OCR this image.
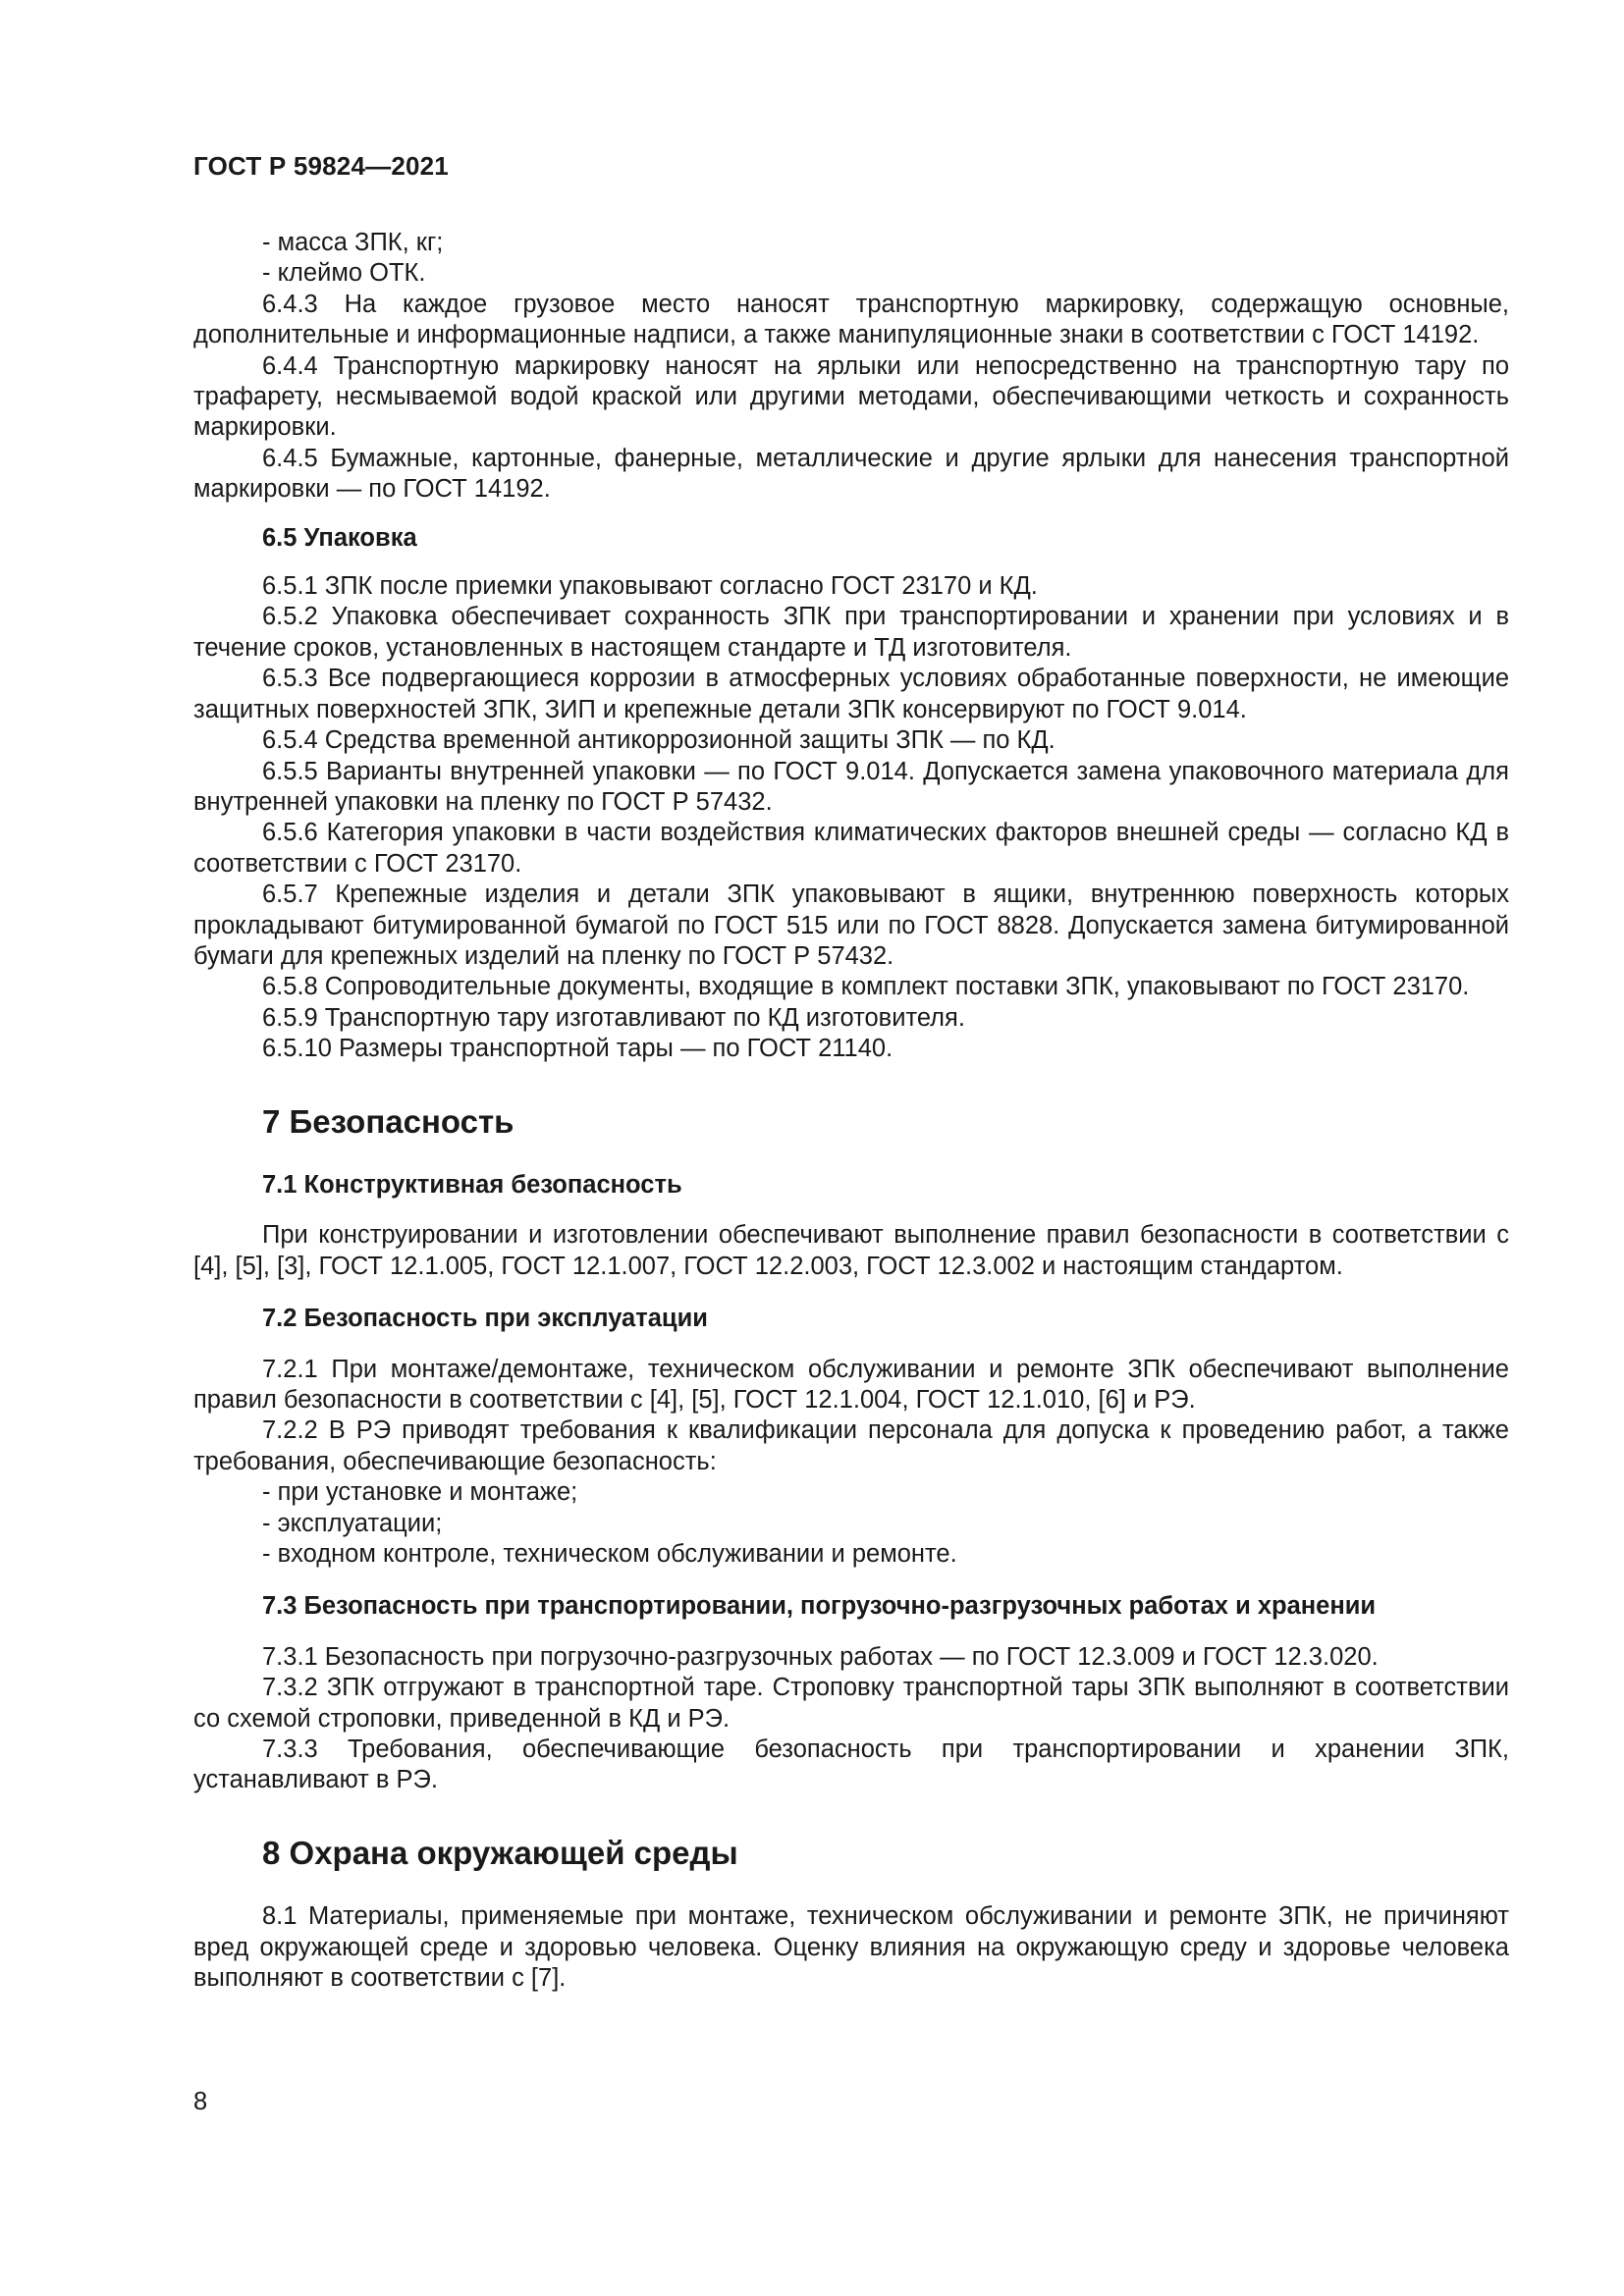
ГОСТ Р 59824—2021

- масса ЗПК, кг;

- клеймо ОТК.

6.4.3 На каждое грузовое место наносят транспортную маркировку, содержащую основные, дополнительные и информационные надписи, а также манипуляционные знаки в соответствии с ГОСТ 14192.

6.4.4 Транспортную маркировку наносят на ярлыки или непосредственно на транспортную тару по трафарету, несмываемой водой краской или другими методами, обеспечивающими четкость и сохранность маркировки.

6.4.5 Бумажные, картонные, фанерные, металлические и другие ярлыки для нанесения транспортной маркировки — по ГОСТ 14192.

6.5 Упаковка

6.5.1 ЗПК после приемки упаковывают согласно ГОСТ 23170 и КД.

6.5.2 Упаковка обеспечивает сохранность ЗПК при транспортировании и хранении при условиях и в течение сроков, установленных в настоящем стандарте и ТД изготовителя.

6.5.3 Все подвергающиеся коррозии в атмосферных условиях обработанные поверхности, не имеющие защитных поверхностей ЗПК, ЗИП и крепежные детали ЗПК консервируют по ГОСТ 9.014.

6.5.4 Средства временной антикоррозионной защиты ЗПК — по КД.

6.5.5 Варианты внутренней упаковки — по ГОСТ 9.014. Допускается замена упаковочного материала для внутренней упаковки на пленку по ГОСТ Р 57432.

6.5.6 Категория упаковки в части воздействия климатических факторов внешней среды — согласно КД в соответствии с ГОСТ 23170.

6.5.7 Крепежные изделия и детали ЗПК упаковывают в ящики, внутреннюю поверхность которых прокладывают битумированной бумагой по ГОСТ 515 или по ГОСТ 8828. Допускается замена битумированной бумаги для крепежных изделий на пленку по ГОСТ Р 57432.

6.5.8 Сопроводительные документы, входящие в комплект поставки ЗПК, упаковывают по ГОСТ 23170.

6.5.9 Транспортную тару изготавливают по КД изготовителя.

6.5.10 Размеры транспортной тары — по ГОСТ 21140.

7 Безопасность

7.1 Конструктивная безопасность

При конструировании и изготовлении обеспечивают выполнение правил безопасности в соответствии с [4], [5], [3], ГОСТ 12.1.005, ГОСТ 12.1.007, ГОСТ 12.2.003, ГОСТ 12.3.002 и настоящим стандартом.

7.2 Безопасность при эксплуатации

7.2.1 При монтаже/демонтаже, техническом обслуживании и ремонте ЗПК обеспечивают выполнение правил безопасности в соответствии с [4], [5], ГОСТ 12.1.004, ГОСТ 12.1.010, [6] и РЭ.

7.2.2 В РЭ приводят требования к квалификации персонала для допуска к проведению работ, а также требования, обеспечивающие безопасность:

- при установке и монтаже;

- эксплуатации;

- входном контроле, техническом обслуживании и ремонте.

7.3 Безопасность при транспортировании, погрузочно-разгрузочных работах и хранении

7.3.1 Безопасность при погрузочно-разгрузочных работах — по ГОСТ 12.3.009 и ГОСТ 12.3.020.

7.3.2 ЗПК отгружают в транспортной таре. Строповку транспортной тары ЗПК выполняют в соответствии со схемой строповки, приведенной в КД и РЭ.

7.3.3 Требования, обеспечивающие безопасность при транспортировании и хранении ЗПК, устанавливают в РЭ.

8 Охрана окружающей среды

8.1 Материалы, применяемые при монтаже, техническом обслуживании и ремонте ЗПК, не причиняют вред окружающей среде и здоровью человека. Оценку влияния на окружающую среду и здоровье человека выполняют в соответствии с [7].

8
